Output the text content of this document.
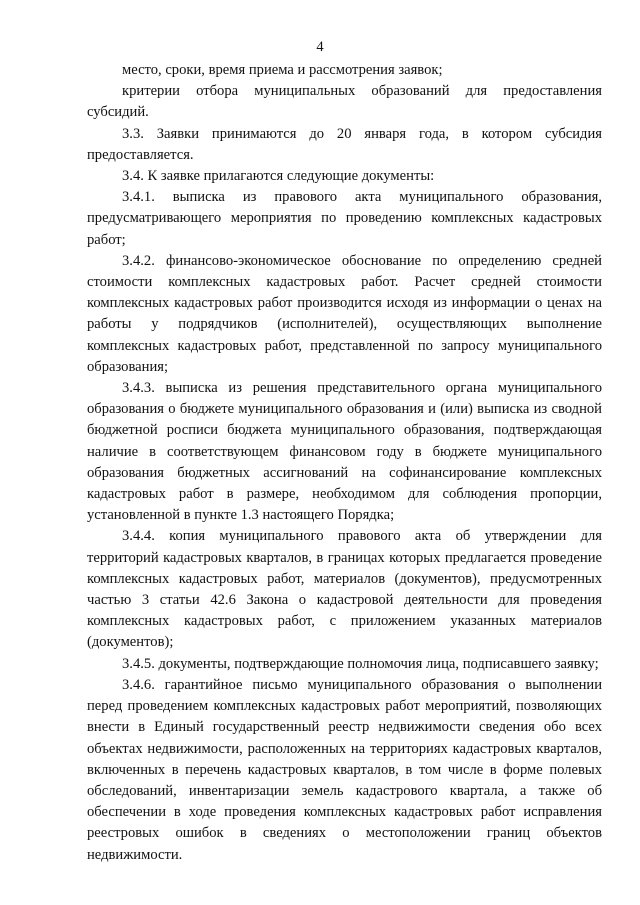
4

место, сроки, время приема и рассмотрения заявок;

критерии отбора муниципальных образований для предоставления субсидий.

3.3. Заявки принимаются до 20 января года, в котором субсидия предоставляется.

3.4. К заявке прилагаются следующие документы:

3.4.1. выписка из правового акта муниципального образования, предусматривающего мероприятия по проведению комплексных кадастровых работ;

3.4.2. финансово-экономическое обоснование по определению средней стоимости комплексных кадастровых работ. Расчет средней стоимости комплексных кадастровых работ производится исходя из информации о ценах на работы у подрядчиков (исполнителей), осуществляющих выполнение комплексных кадастровых работ, представленной по запросу муниципального образования;

3.4.3. выписка из решения представительного органа муниципального образования о бюджете муниципального образования и (или) выписка из сводной бюджетной росписи бюджета муниципального образования, подтверждающая наличие в соответствующем финансовом году в бюджете муниципального образования бюджетных ассигнований на софинансирование комплексных кадастровых работ в размере, необходимом для соблюдения пропорции, установленной в пункте 1.3 настоящего Порядка;

3.4.4. копия муниципального правового акта об утверждении для территорий кадастровых кварталов, в границах которых предлагается проведение комплексных кадастровых работ, материалов (документов), предусмотренных частью 3 статьи 42.6 Закона о кадастровой деятельности для проведения комплексных кадастровых работ, с приложением указанных материалов (документов);

3.4.5. документы, подтверждающие полномочия лица, подписавшего заявку;

3.4.6. гарантийное письмо муниципального образования о выполнении перед проведением комплексных кадастровых работ мероприятий, позволяющих внести в Единый государственный реестр недвижимости сведения обо всех объектах недвижимости, расположенных на территориях кадастровых кварталов, включенных в перечень кадастровых кварталов, в том числе в форме полевых обследований, инвентаризации земель кадастрового квартала, а также об обеспечении в ходе проведения комплексных кадастровых работ исправления реестровых ошибок в сведениях о местоположении границ объектов недвижимости.
